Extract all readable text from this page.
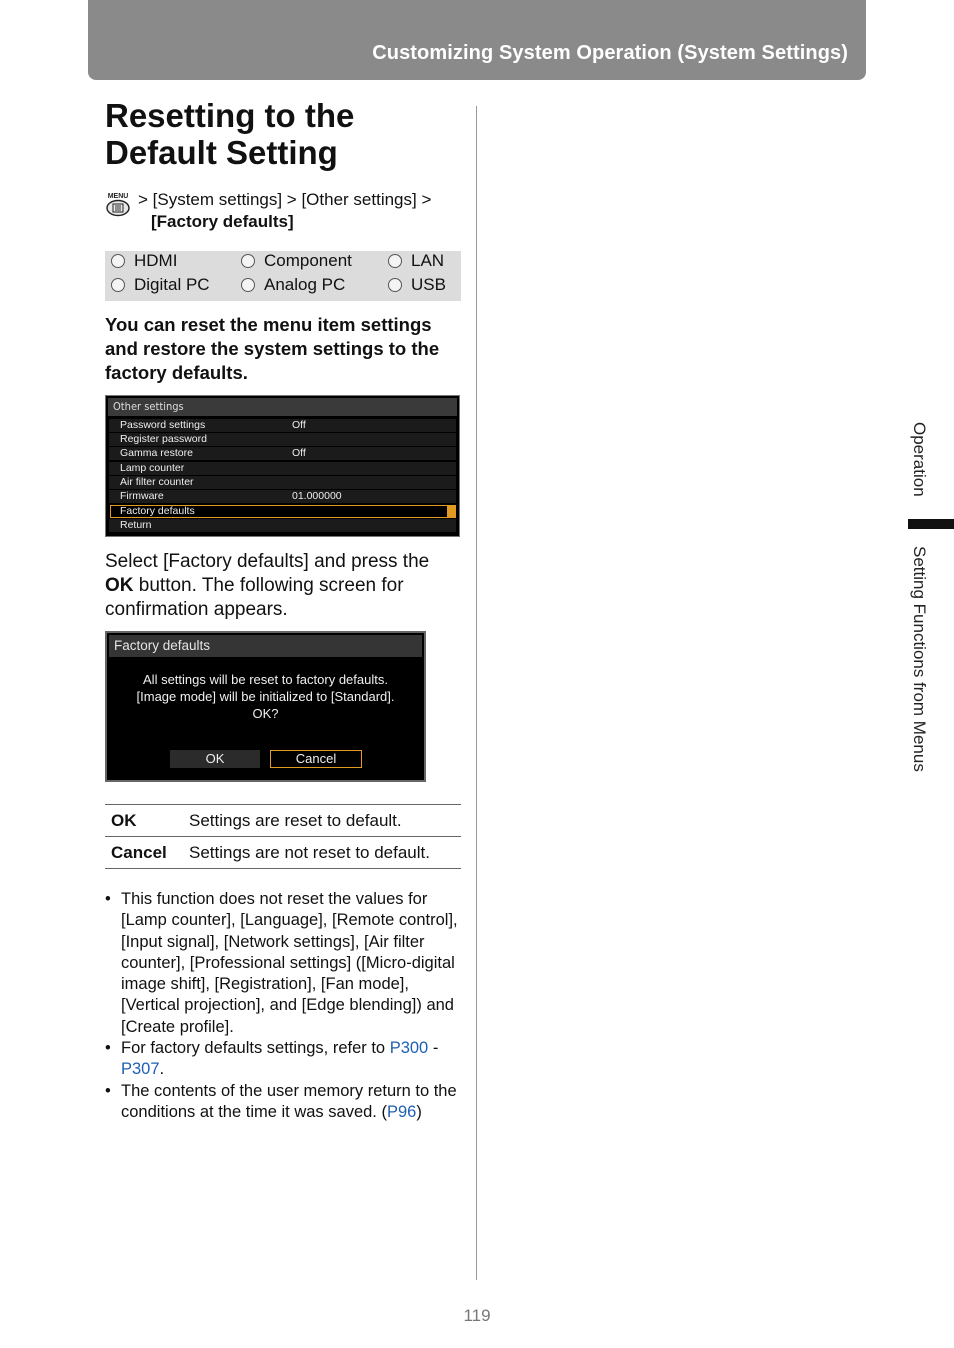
Customizing System Operation (System Settings)
Resetting to the
Default Setting
MENU > [System settings] > [Other settings] >
[Factory defaults]
HDMI	Component	LAN
Digital PC	Analog PC	USB
You can reset the menu item settings and restore the system settings to the factory defaults.
Other settings
Password settings	Off
Register password
Gamma restore	Off
Lamp counter
Air filter counter
Firmware	01.000000
Factory defaults
Return
Select [Factory defaults] and press the
OK button. The following screen for confirmation appears.
Factory defaults
All settings will be reset to factory defaults.
[Image mode] will be initialized to [Standard].
OK?
OK	Cancel
OK	Settings are reset to default.
Cancel	Settings are not reset to default.
• This function does not reset the values for [Lamp counter], [Language], [Remote control], [Input signal], [Network settings], [Air filter counter], [Professional settings] ([Micro-digital image shift], [Registration], [Fan mode], [Vertical projection], and [Edge blending]) and [Create profile].
• For factory defaults settings, refer to P300 -
P307.
• The contents of the user memory return to the conditions at the time it was saved. (P96)
Operation
Setting Functions from Menus
119
